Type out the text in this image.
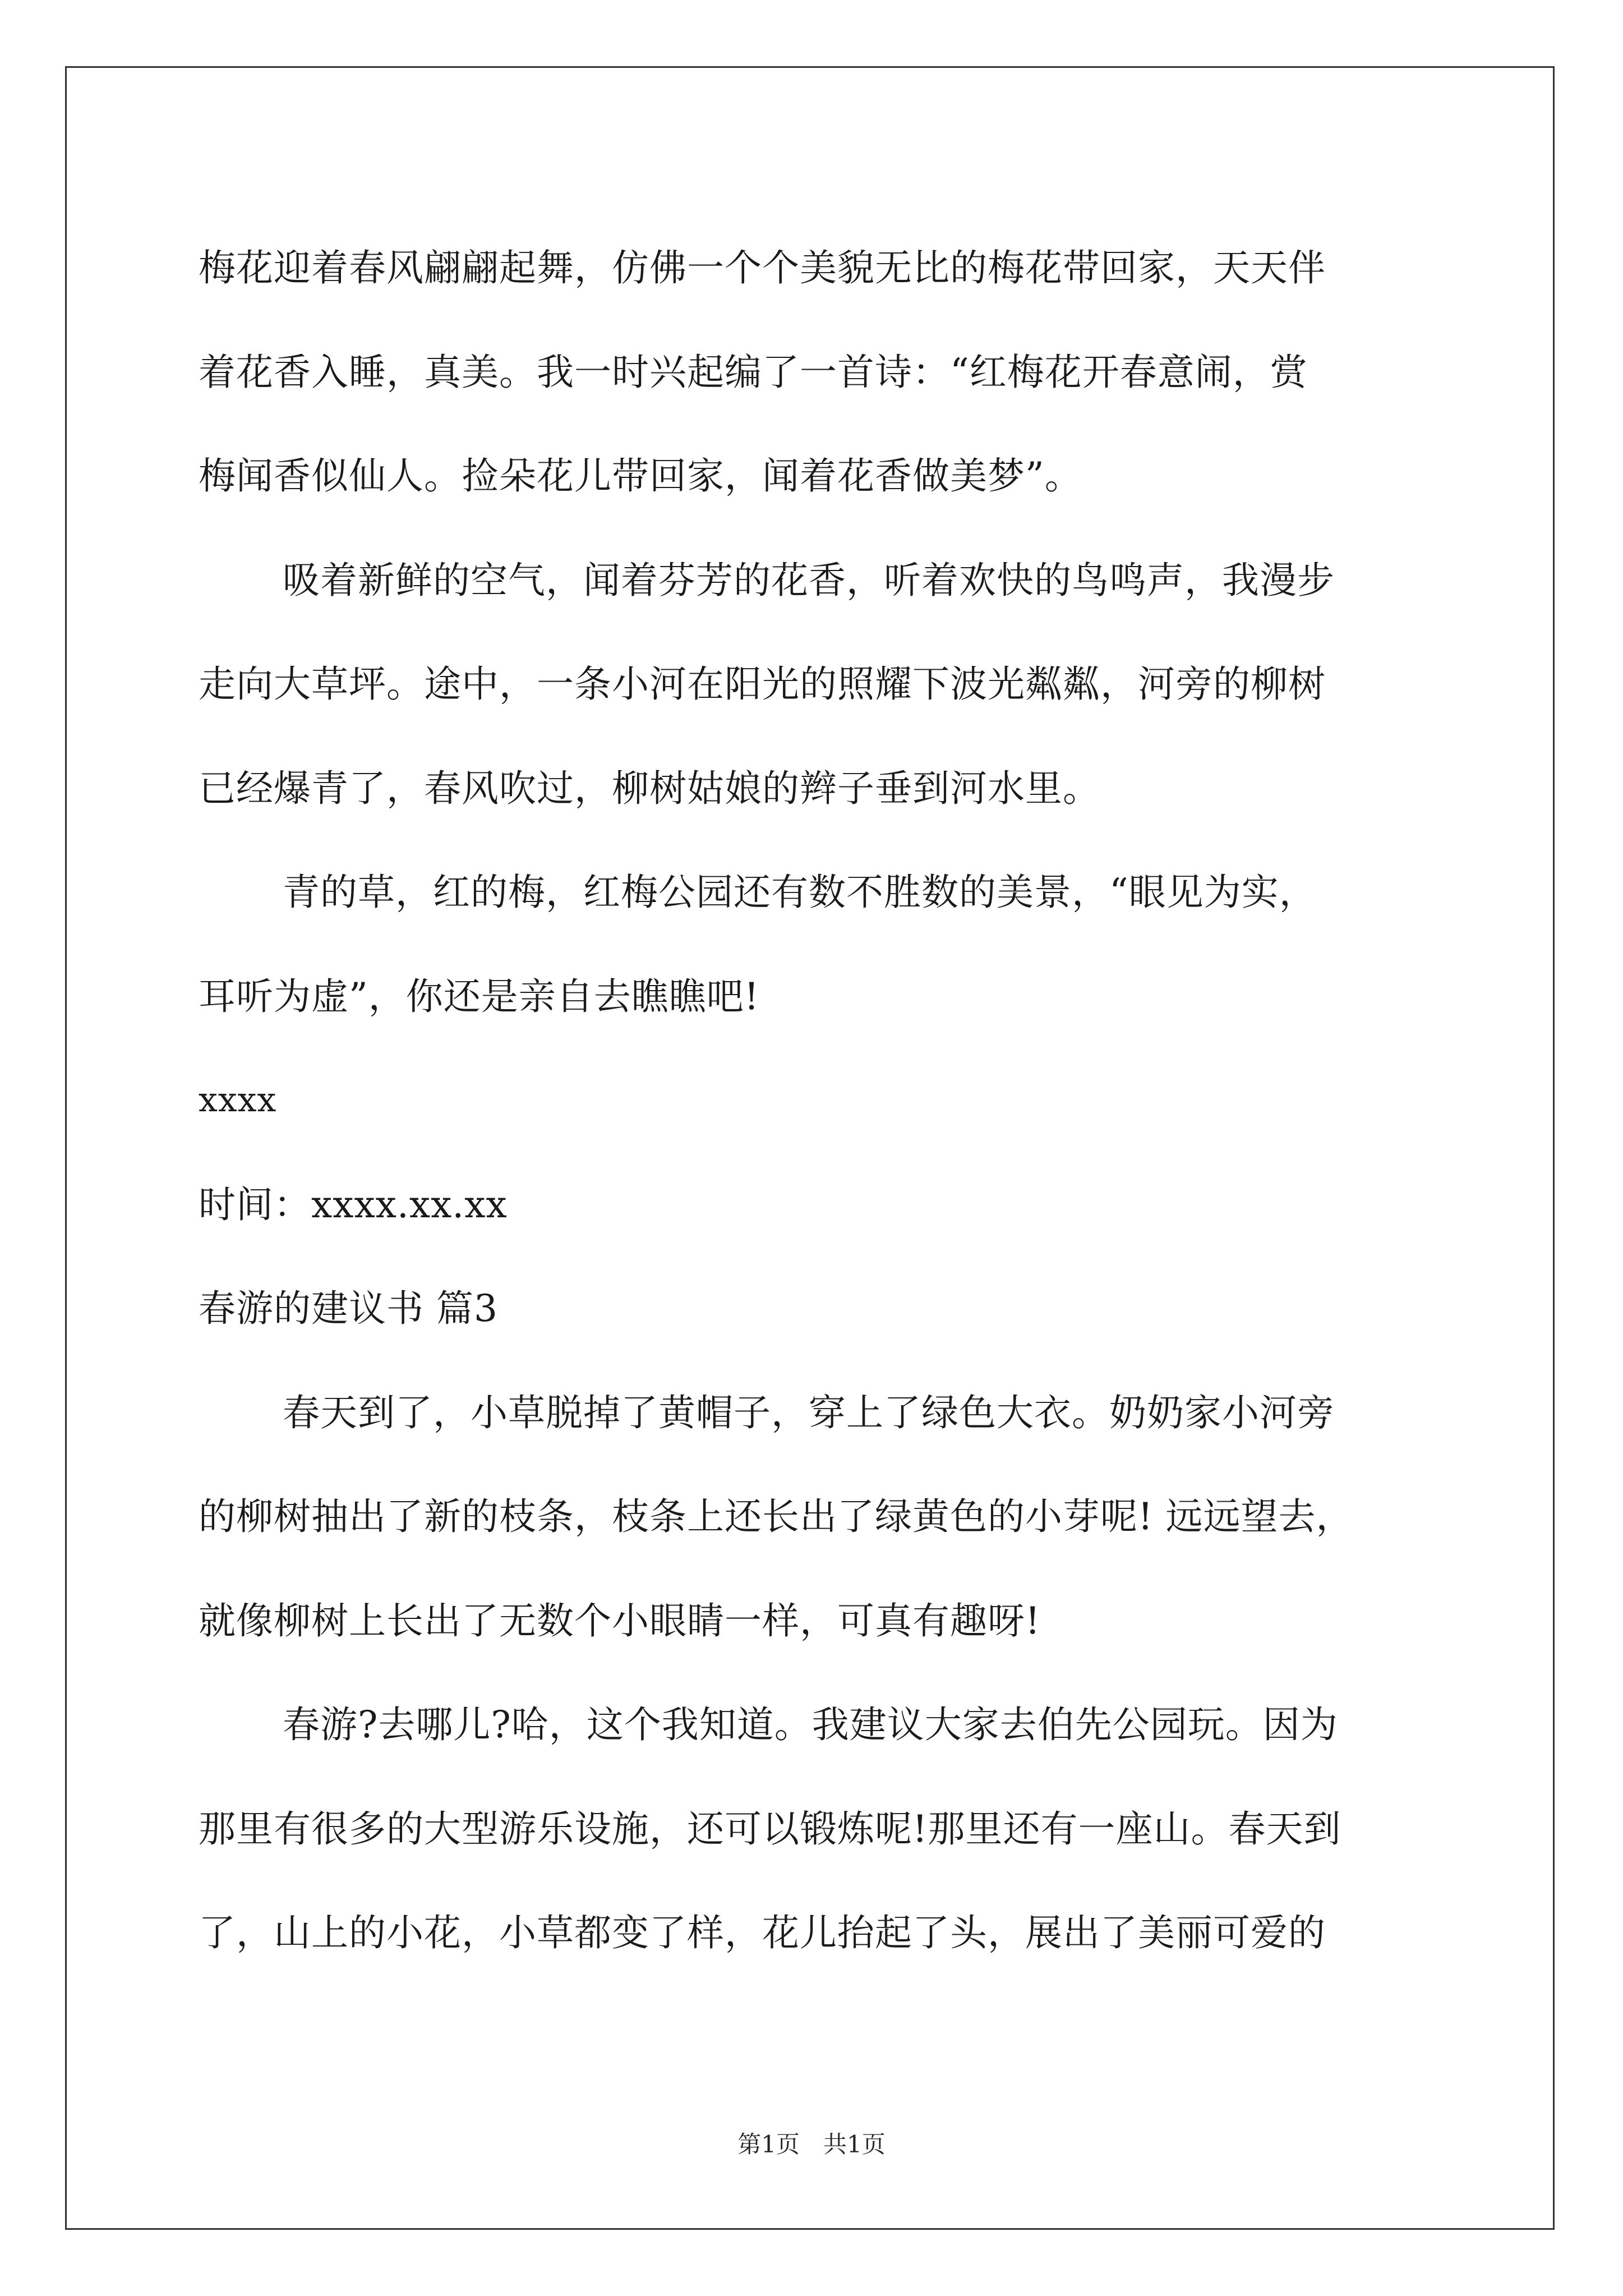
梅花迎着春风翩翩起舞，仿佛一个个美貌无比的梅花带回家，天天伴
着花香入睡，真美。我一时兴起编了一首诗：“红梅花开春意闹，赏
梅闻香似仙人。捡朵花儿带回家，闻着花香做美梦”。
吸着新鲜的空气，闻着芬芳的花香，听着欢快的鸟鸣声，我漫步
走向大草坪。途中，一条小河在阳光的照耀下波光粼粼，河旁的柳树
已经爆青了，春风吹过，柳树姑娘的辫子垂到河水里。
青的草，红的梅，红梅公园还有数不胜数的美景，“眼见为实，
耳听为虚”，你还是亲自去瞧瞧吧!
xxxx
时间：xxxx.xx.xx
春游的建议书 篇3
春天到了，小草脱掉了黄帽子，穿上了绿色大衣。奶奶家小河旁
的柳树抽出了新的枝条，枝条上还长出了绿黄色的小芽呢! 远远望去，
就像柳树上长出了无数个小眼睛一样，可真有趣呀!
春游?去哪儿?哈，这个我知道。我建议大家去伯先公园玩。因为
那里有很多的大型游乐设施，还可以锻炼呢!那里还有一座山。春天到
了，山上的小花，小草都变了样，花儿抬起了头，展出了美丽可爱的
第1页　共1页
